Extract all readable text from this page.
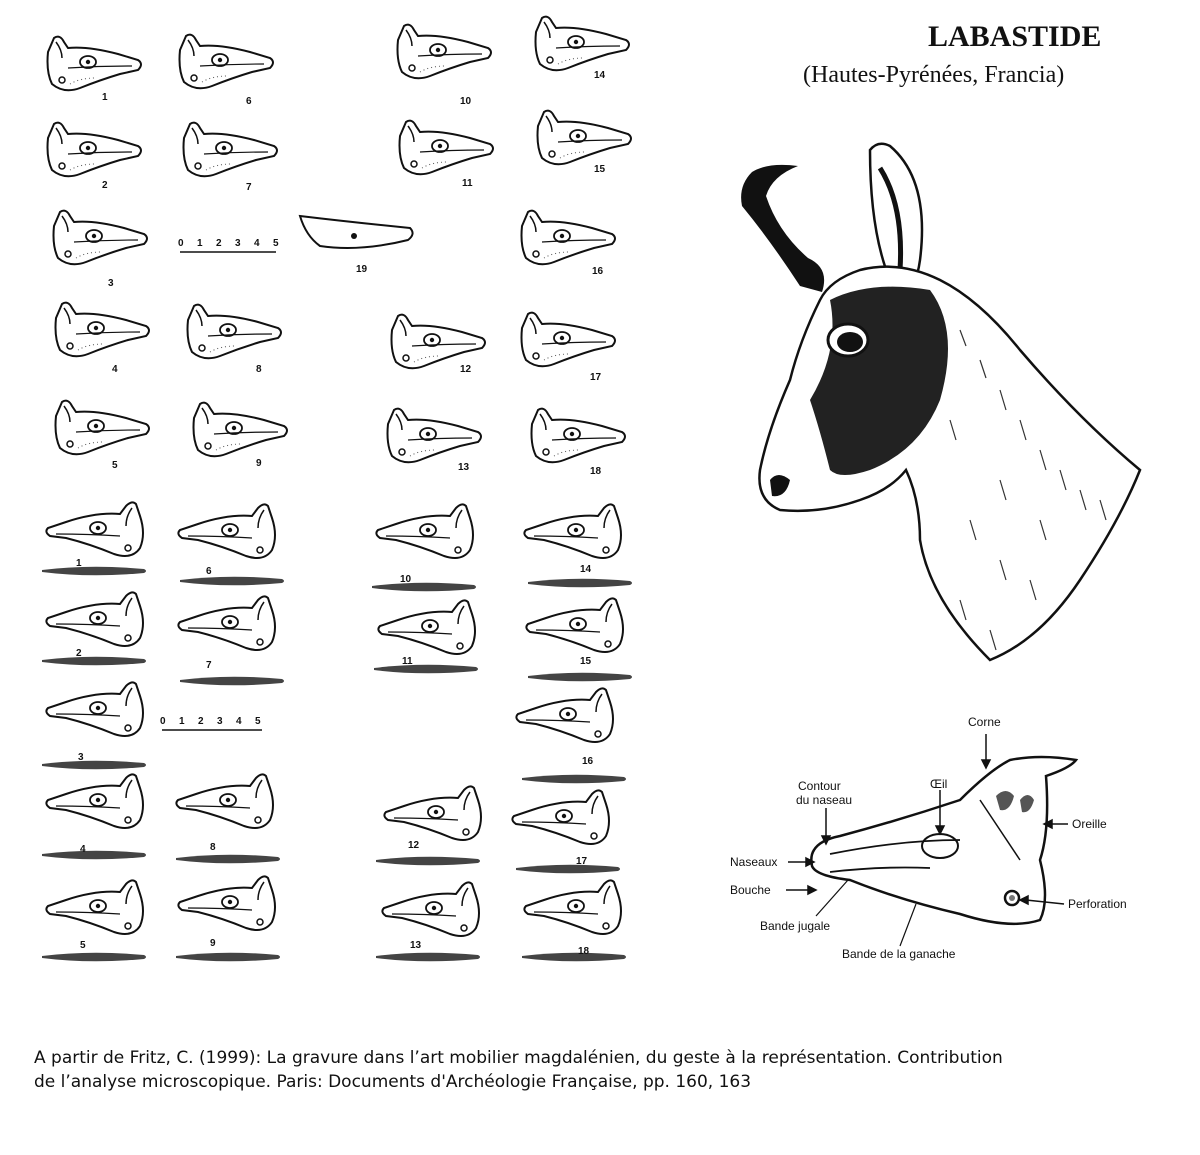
LABASTIDE
(Hautes-Pyrénées, Francia)
1
2
3
4
5
6
7
8
9
10
11
12
13
14
15
16
17
18
19
0 1 2 3 4 5
1
2
3
4
5
6
7
8
9
10
11
12
13
14
15
16
17
18
0 1 2 3 4 5	Corne
Contour
du naseau
Œil
Oreille
Naseaux
Bouche
Perforation
Bande jugale
Bande de la ganache
A partir de Fritz, C. (1999): La gravure dans l’art mobilier magdalénien, du geste à la représentation. Contribution
de l’analyse microscopique. Paris: Documents d'Archéologie Française, pp. 160, 163
